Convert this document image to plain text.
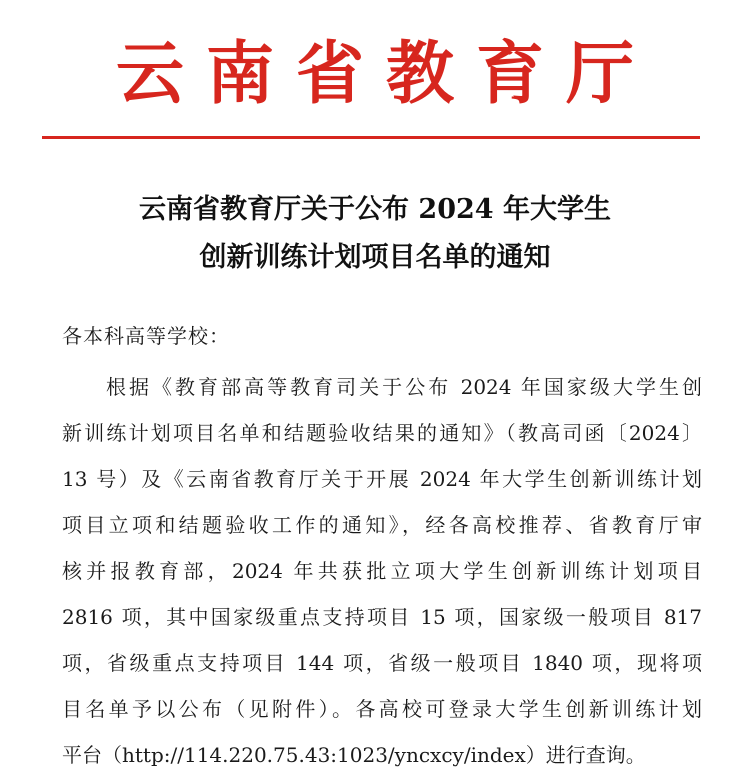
云南省教育厅
云南省教育厅关于公布 2024 年大学生
创新训练计划项目名单的通知
各本科高等学校：
根据《教育部高等教育司关于公布 2024 年国家级大学生创
新训练计划项目名单和结题验收结果的通知》（教高司函〔2024〕
13 号）及《云南省教育厅关于开展 2024 年大学生创新训练计划
项目立项和结题验收工作的通知》，经各高校推荐、省教育厅审
核并报教育部，2024 年共获批立项大学生创新训练计划项目
2816 项，其中国家级重点支持项目 15 项，国家级一般项目 817
项，省级重点支持项目 144 项，省级一般项目 1840 项，现将项
目名单予以公布（见附件）。各高校可登录大学生创新训练计划
平台（http://114.220.75.43:1023/yncxcy/index）进行查询。
